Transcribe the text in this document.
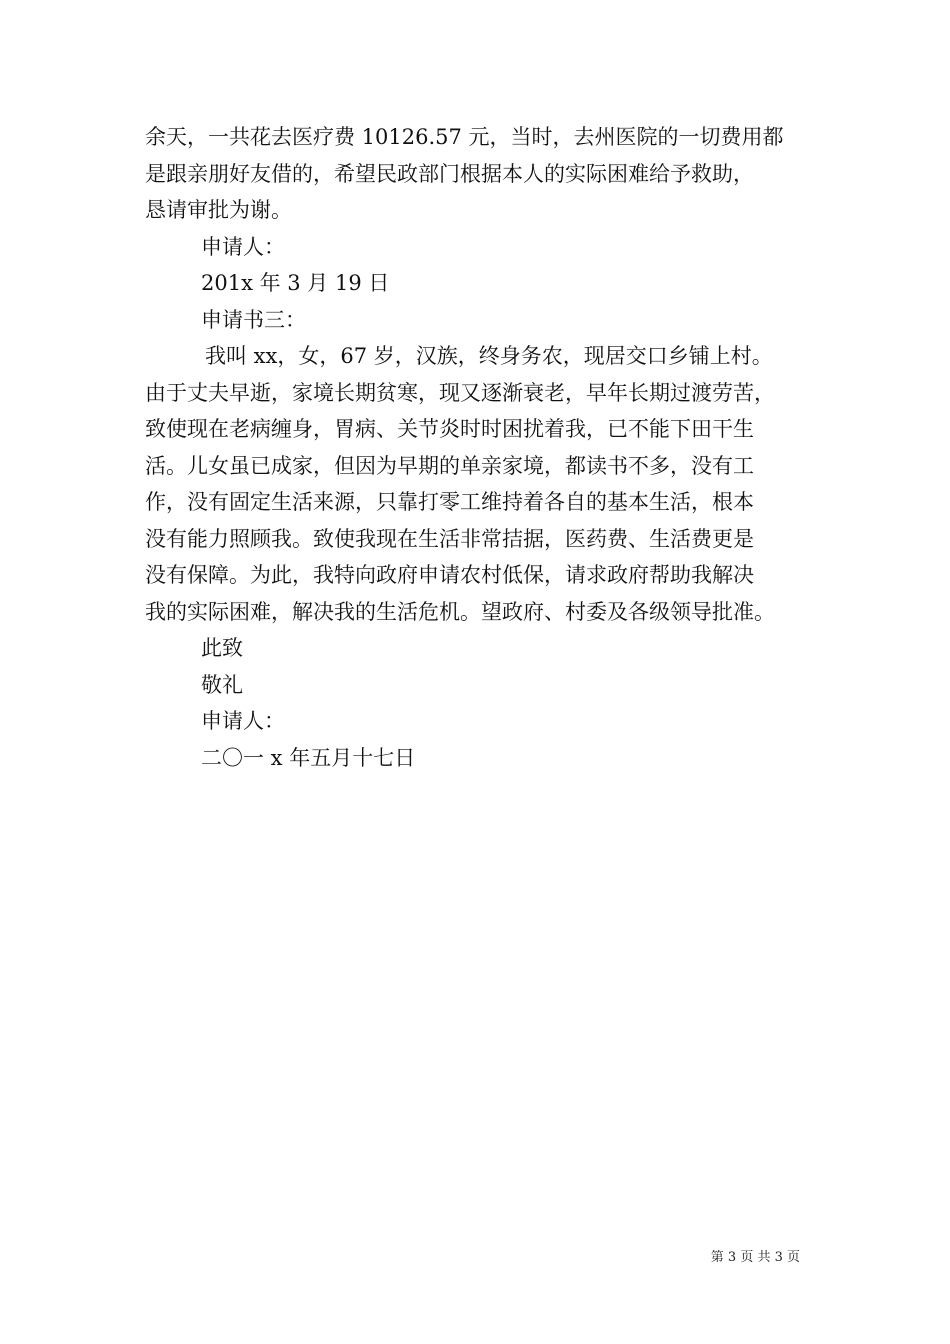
余天，一共花去医疗费 10126.57 元，当时，去州医院的一切费用都
是跟亲朋好友借的，希望民政部门根据本人的实际困难给予救助，
恳请审批为谢。
申请人：
201x 年 3 月 19 日
申请书三：
我叫 xx，女，67 岁，汉族，终身务农，现居交口乡铺上村。
由于丈夫早逝，家境长期贫寒，现又逐渐衰老，早年长期过渡劳苦，
致使现在老病缠身，胃病、关节炎时时困扰着我，已不能下田干生
活。儿女虽已成家，但因为早期的单亲家境，都读书不多，没有工
作，没有固定生活来源，只靠打零工维持着各自的基本生活，根本
没有能力照顾我。致使我现在生活非常拮据，医药费、生活费更是
没有保障。为此，我特向政府申请农村低保，请求政府帮助我解决
我的实际困难，解决我的生活危机。望政府、村委及各级领导批准。
此致
敬礼
申请人：
二〇一 x 年五月十七日
第 3 页 共 3 页
